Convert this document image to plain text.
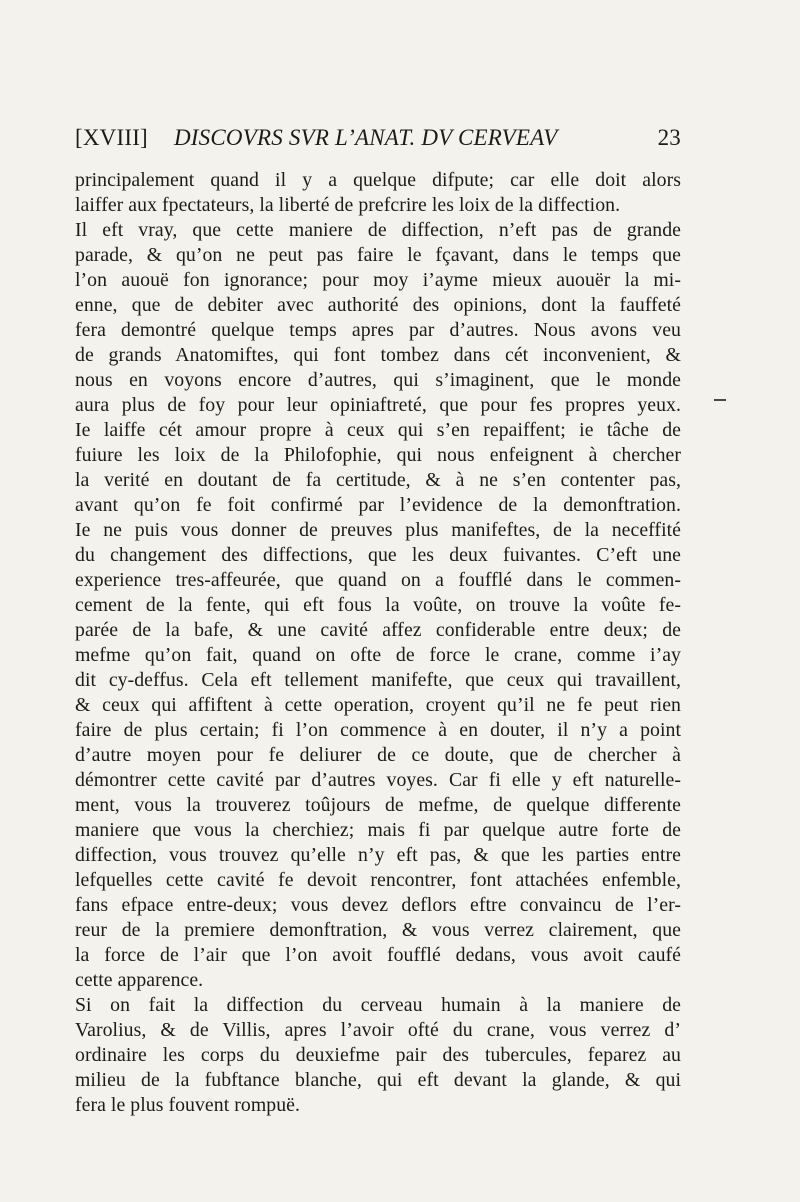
[XVIII] DISCOVRS SVR L’ANAT. DV CERVEAV	23
principalement quand il y a quelque difpute; car elle doit alors
laiffer aux fpectateurs, la liberté de prefcrire les loix de la diffection.
Il eft vray, que cette maniere de diffection, n’eft pas de grande
parade, & qu’on ne peut pas faire le fçavant, dans le temps que
l’on auouë fon ignorance; pour moy i’ayme mieux auouër la mi-
enne, que de debiter avec authorité des opinions, dont la fauffeté
fera demontré quelque temps apres par d’autres. Nous avons veu
de grands Anatomiftes, qui font tombez dans cét inconvenient, &
nous en voyons encore d’autres, qui s’imaginent, que le monde
aura plus de foy pour leur opiniaftreté, que pour fes propres yeux.
Ie laiffe cét amour propre à ceux qui s’en repaiffent; ie tâche de
fuiure les loix de la Philofophie, qui nous enfeignent à chercher
la verité en doutant de fa certitude, & à ne s’en contenter pas,
avant qu’on fe foit confirmé par l’evidence de la demonftration.
Ie ne puis vous donner de preuves plus manifeftes, de la neceffité
du changement des diffections, que les deux fuivantes. C’eft une
experience tres-affeurée, que quand on a foufflé dans le commen-
cement de la fente, qui eft fous la voûte, on trouve la voûte fe-
parée de la bafe, & une cavité affez confiderable entre deux; de
mefme qu’on fait, quand on ofte de force le crane, comme i’ay
dit cy-deffus. Cela eft tellement manifefte, que ceux qui travaillent,
& ceux qui affiftent à cette operation, croyent qu’il ne fe peut rien
faire de plus certain; fi l’on commence à en douter, il n’y a point
d’autre moyen pour fe deliurer de ce doute, que de chercher à
démontrer cette cavité par d’autres voyes. Car fi elle y eft naturelle-
ment, vous la trouverez toûjours de mefme, de quelque differente
maniere que vous la cherchiez; mais fi par quelque autre forte de
diffection, vous trouvez qu’elle n’y eft pas, & que les parties entre
lefquelles cette cavité fe devoit rencontrer, font attachées enfemble,
fans efpace entre-deux; vous devez deflors eftre convaincu de l’er-
reur de la premiere demonftration, & vous verrez clairement, que
la force de l’air que l’on avoit foufflé dedans, vous avoit caufé
cette apparence.
Si on fait la diffection du cerveau humain à la maniere de
Varolius, & de Villis, apres l’avoir ofté du crane, vous verrez d’
ordinaire les corps du deuxiefme pair des tubercules, feparez au
milieu de la fubftance blanche, qui eft devant la glande, & qui
fera le plus fouvent rompuë.
